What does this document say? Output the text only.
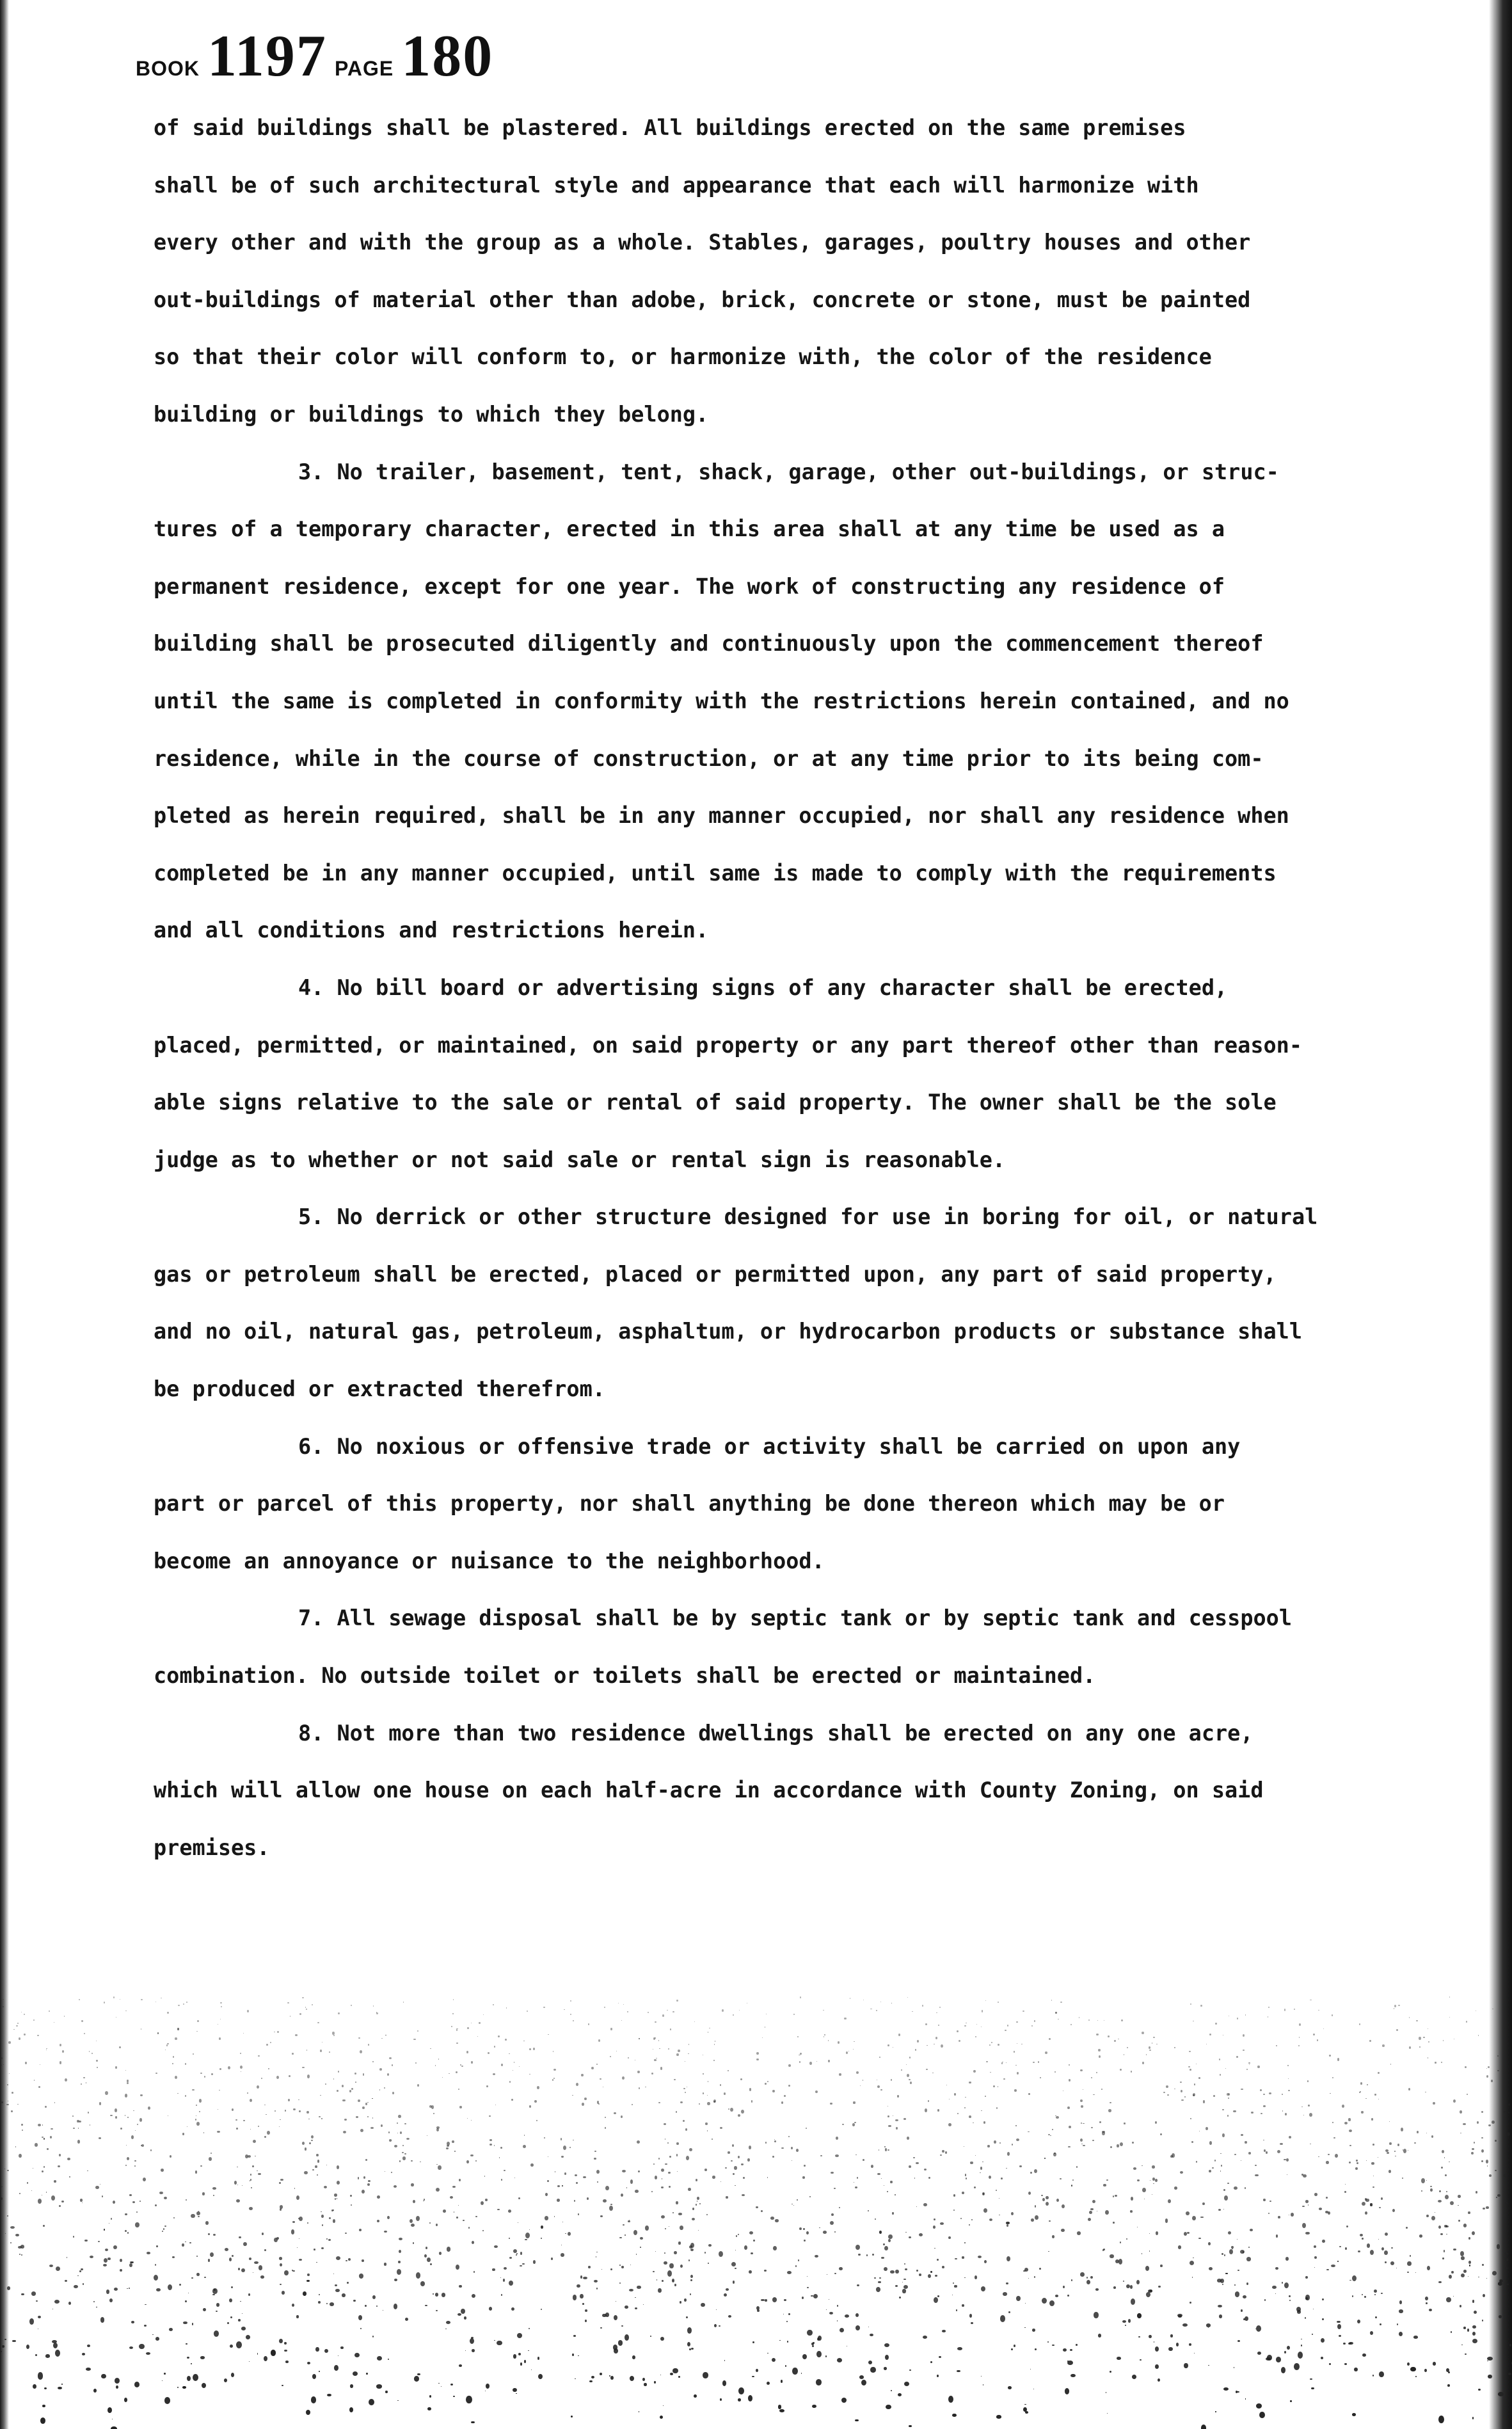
BOOK 1197 PAGE 180
of said buildings shall be plastered. All buildings erected on the same premises
shall be of such architectural style and appearance that each will harmonize with
every other and with the group as a whole. Stables, garages, poultry houses and other
out-buildings of material other than adobe, brick, concrete or stone, must be painted
so that their color will conform to, or harmonize with, the color of the residence
building or buildings to which they belong.
3. No trailer, basement, tent, shack, garage, other out-buildings, or struc-
tures of a temporary character, erected in this area shall at any time be used as a
permanent residence, except for one year. The work of constructing any residence of
building shall be prosecuted diligently and continuously upon the commencement thereof
until the same is completed in conformity with the restrictions herein contained, and no
residence, while in the course of construction, or at any time prior to its being com-
pleted as herein required, shall be in any manner occupied, nor shall any residence when
completed be in any manner occupied, until same is made to comply with the requirements
and all conditions and restrictions herein.
4. No bill board or advertising signs of any character shall be erected,
placed, permitted, or maintained, on said property or any part thereof other than reason-
able signs relative to the sale or rental of said property. The owner shall be the sole
judge as to whether or not said sale or rental sign is reasonable.
5. No derrick or other structure designed for use in boring for oil, or natural
gas or petroleum shall be erected, placed or permitted upon, any part of said property,
and no oil, natural gas, petroleum, asphaltum, or hydrocarbon products or substance shall
be produced or extracted therefrom.
6. No noxious or offensive trade or activity shall be carried on upon any
part or parcel of this property, nor shall anything be done thereon which may be or
become an annoyance or nuisance to the neighborhood.
7. All sewage disposal shall be by septic tank or by septic tank and cesspool
combination. No outside toilet or toilets shall be erected or maintained.
8. Not more than two residence dwellings shall be erected on any one acre,
which will allow one house on each half-acre in accordance with County Zoning, on said
premises.
